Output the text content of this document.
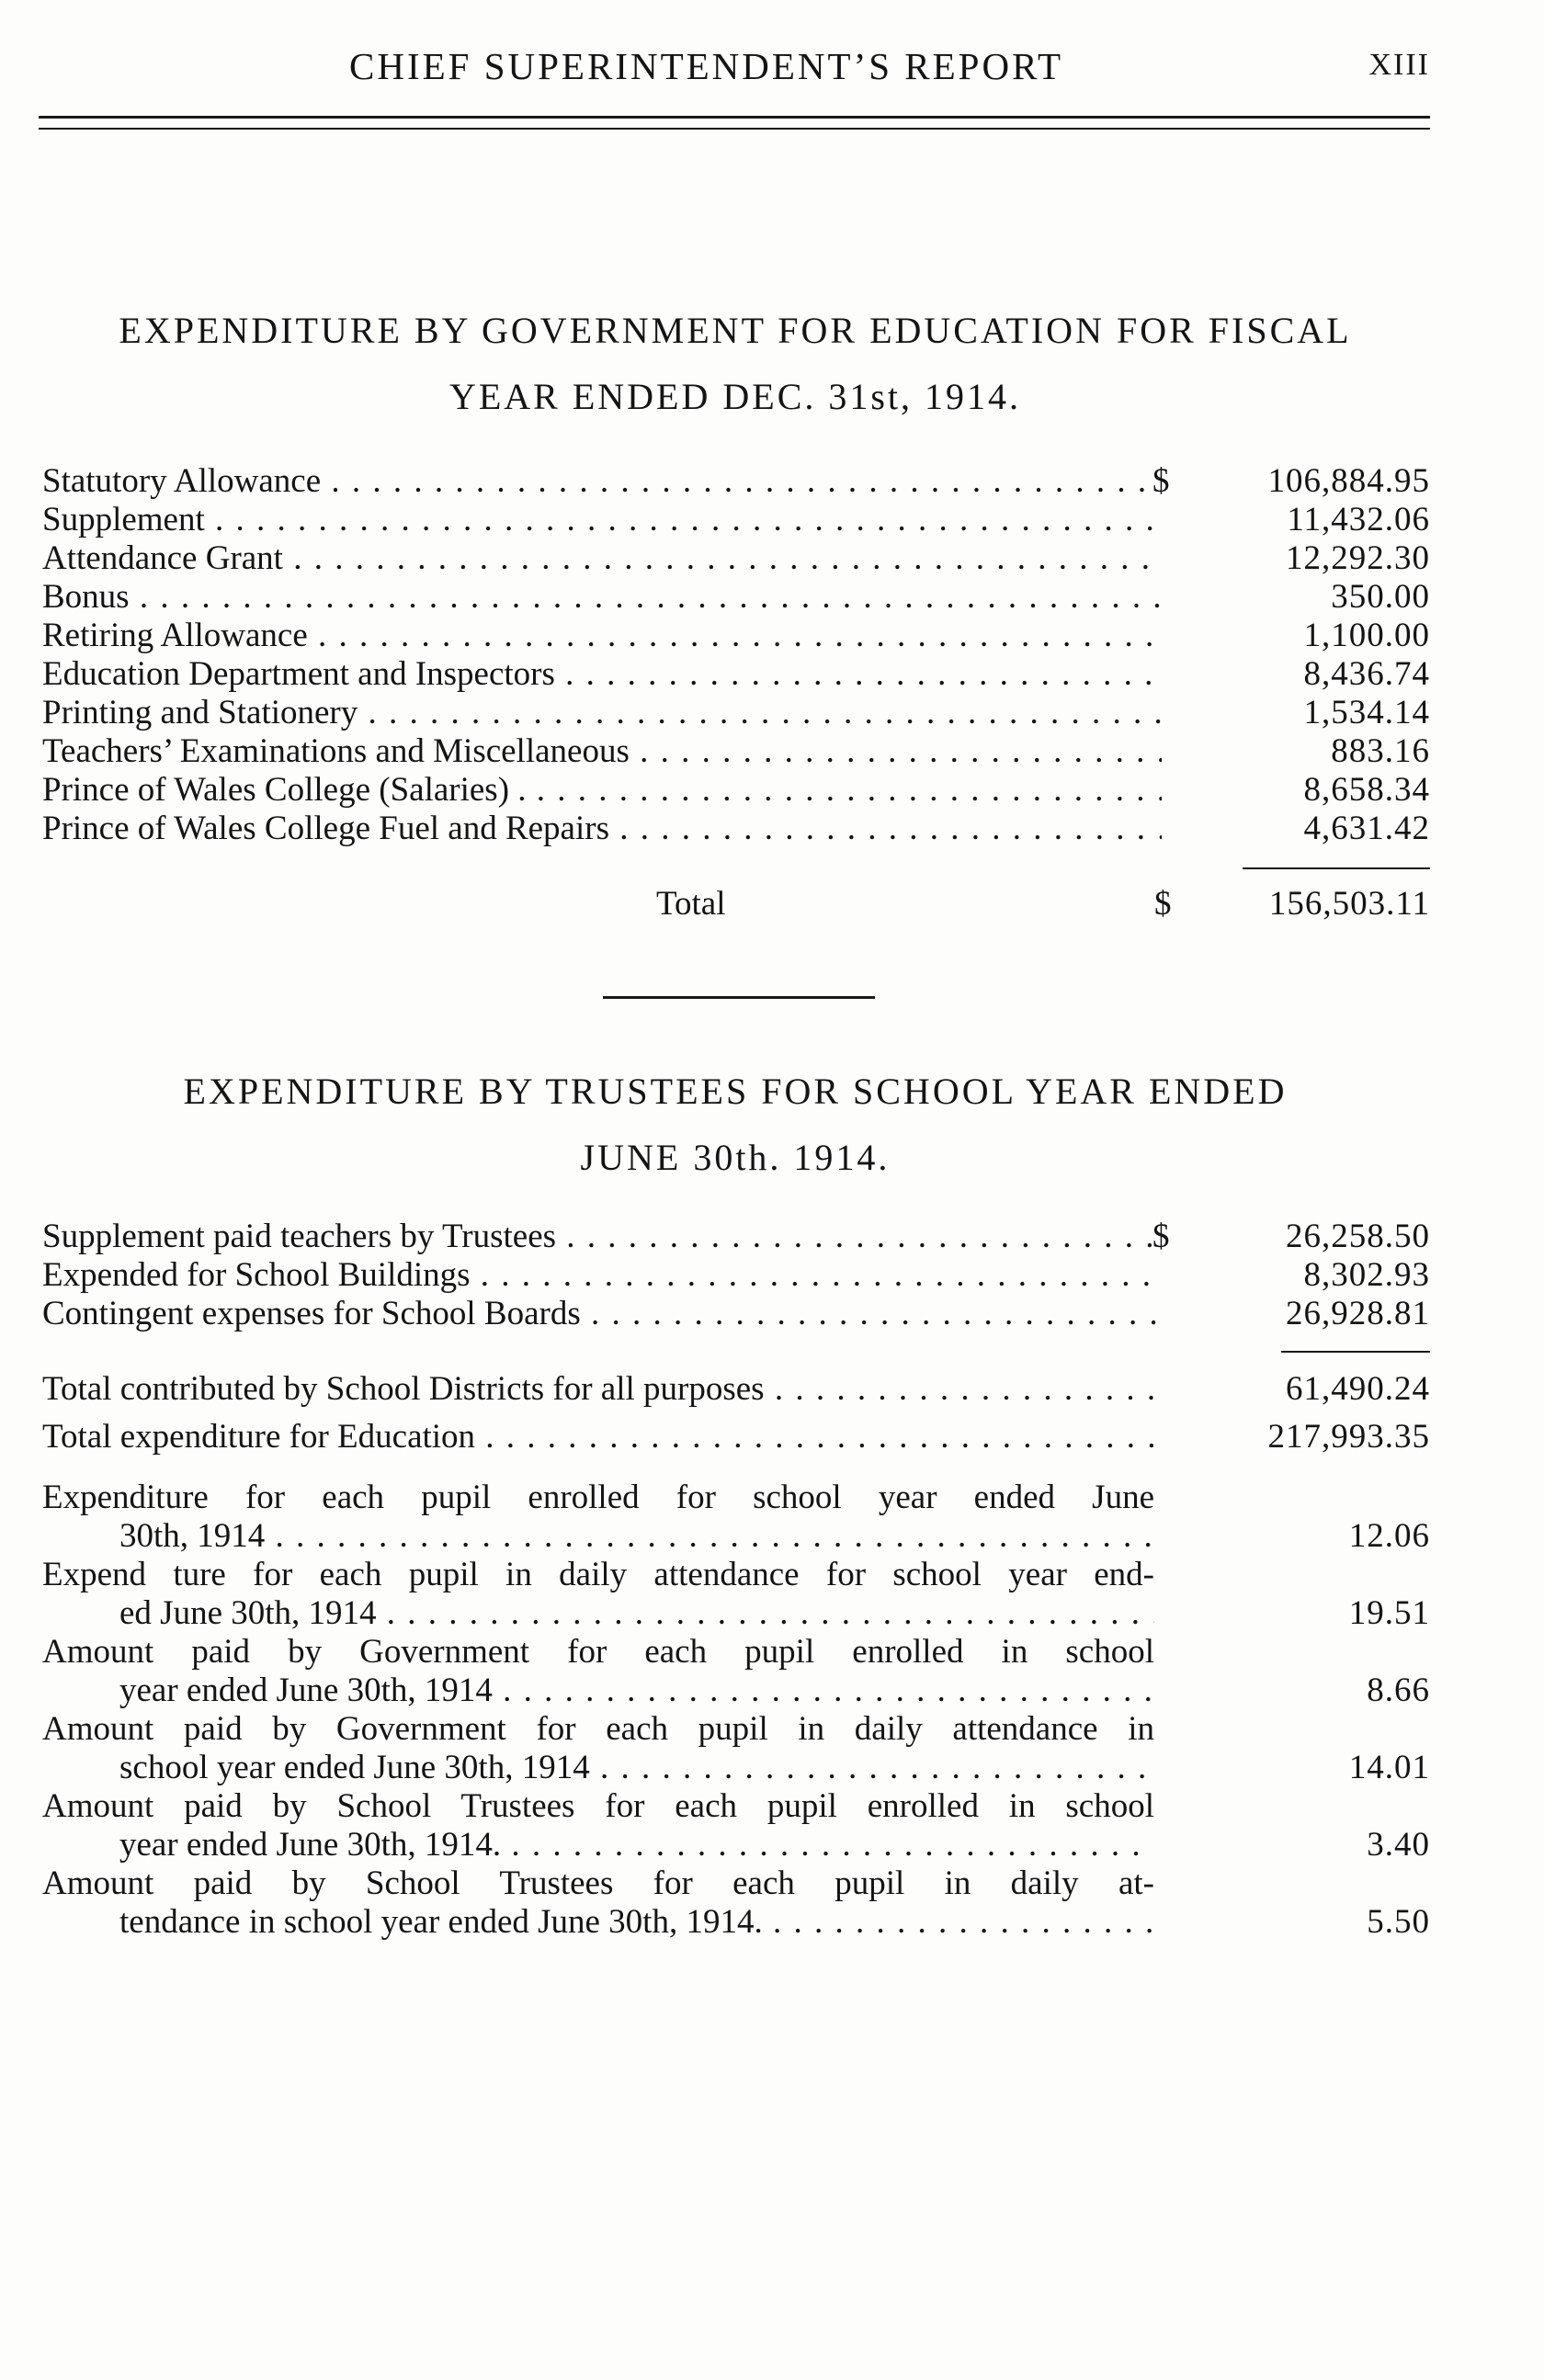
CHIEF SUPERINTENDENT’S REPORT	XIII
EXPENDITURE BY GOVERNMENT FOR EDUCATION FOR FISCAL
YEAR ENDED DEC. 31st, 1914.
Statutory Allowance . . .	$	106,884.95
Supplement . . .	11,432.06
Attendance Grant . . .	12,292.30
Bonus . . .	350.00
Retiring Allowance . . .	1,100.00
Education Department and Inspectors . . .	8,436.74
Printing and Stationery . . .	1,534.14
Teachers’ Examinations and Miscellaneous . . .	883.16
Prince of Wales College (Salaries) . . . .	8,658.34
Prince of Wales College Fuel and Repairs . . .	4,631.42
Total	$	156,503.11
EXPENDITURE BY TRUSTEES FOR SCHOOL YEAR ENDED
JUNE 30th. 1914.
Supplement paid teachers by Trustees . . .	$	26,258.50
Expended for School Buildings . . .	8,302.93
Contingent expenses for School Boards . . .	26,928.81
Total contributed by School Districts for all purposes . . .	61,490.24
Total expenditure for Education . . .	217,993.35
Expenditure for each pupil enrolled for school year ended June
30th, 1914 . . .	12.06
Expend ture for each pupil in daily attendance for school year end-
ed June 30th, 1914 . . .	19.51
Amount paid by Government for each pupil enrolled in school
year ended June 30th, 1914 . . .	8.66
Amount paid by Government for each pupil in daily attendance in
school year ended June 30th, 1914 . . .	14.01
Amount paid by School Trustees for each pupil enrolled in school
year ended June 30th, 1914. . . .	3.40
Amount paid by School Trustees for each pupil in daily at-
tendance in school year ended June 30th, 1914. . . .	5.50
